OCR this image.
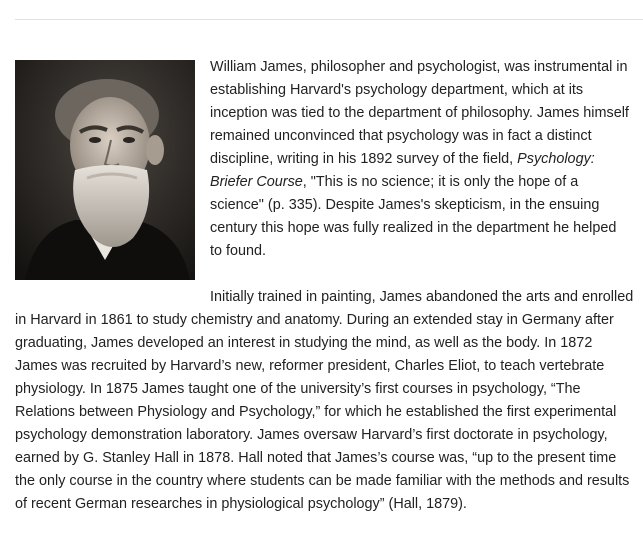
William James, philosopher and psychologist, was instrumental in establishing Harvard's psychology department, which at its inception was tied to the department of philosophy. James himself remained unconvinced that psychology was in fact a distinct discipline, writing in his 1892 survey of the field, Psychology: Briefer Course, "This is no science; it is only the hope of a science" (p. 335). Despite James's skepticism, in the ensuing century this hope was fully realized in the department he helped to found.

Initially trained in painting, James abandoned the arts and enrolled in Harvard in 1861 to study chemistry and anatomy. During an extended stay in Germany after graduating, James developed an interest in studying the mind, as well as the body. In 1872 James was recruited by Harvard’s new, reformer president, Charles Eliot, to teach vertebrate physiology. In 1875 James taught one of the university’s first courses in psychology, “The Relations between Physiology and Psychology,” for which he established the first experimental psychology demonstration laboratory. James oversaw Harvard’s first doctorate in psychology, earned by G. Stanley Hall in 1878. Hall noted that James’s course was, “up to the present time the only course in the country where students can be made familiar with the methods and results of recent German researches in physiological psychology” (Hall, 1879).
